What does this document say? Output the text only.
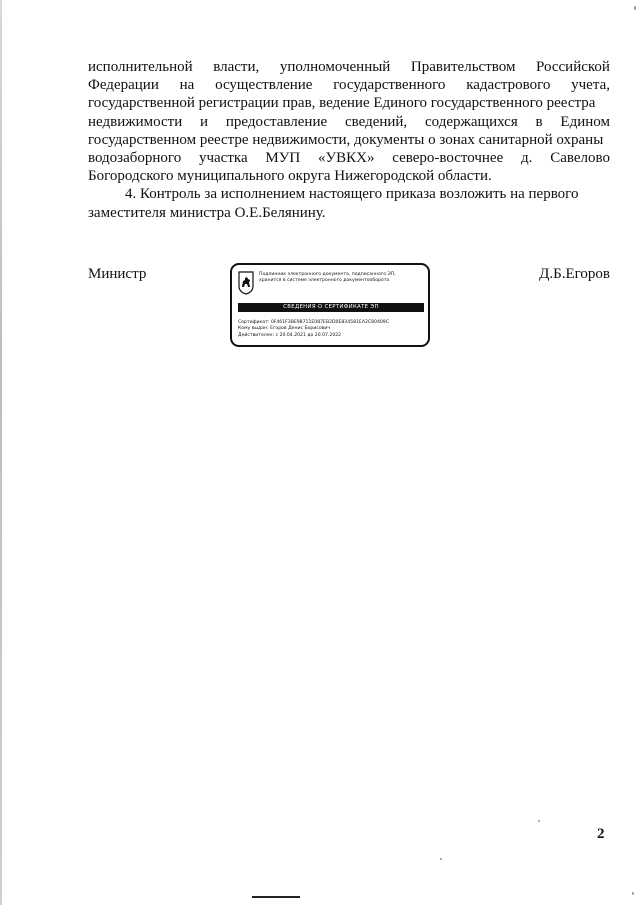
исполнительной власти, уполномоченный Правительством Российской
Федерации на осуществление государственного кадастрового учета,
государственной регистрации прав, ведение Единого государственного реестра
недвижимости и предоставление сведений, содержащихся в Едином
государственном реестре недвижимости, документы о зонах санитарной охраны
водозаборного участка МУП «УВКХ» северо-восточнее д. Савелово
Богородского муниципального округа Нижегородской области.
4. Контроль за исполнением настоящего приказа возложить на первого
заместителя министра О.Е.Белянину.
Министр	Д.Б.Егоров
Подлинник электронного документа, подписанного ЭП,
хранится в системе электронного документооборота
СВЕДЕНИЯ О СЕРТИФИКАТЕ ЭП
Сертификат: 0F461F3BE98711E087EB2D0E834581EA2C80409C
Кому выдан: Егоров Денис Борисович
Действителен: с 20.04.2021 до 20.07.2022
2
